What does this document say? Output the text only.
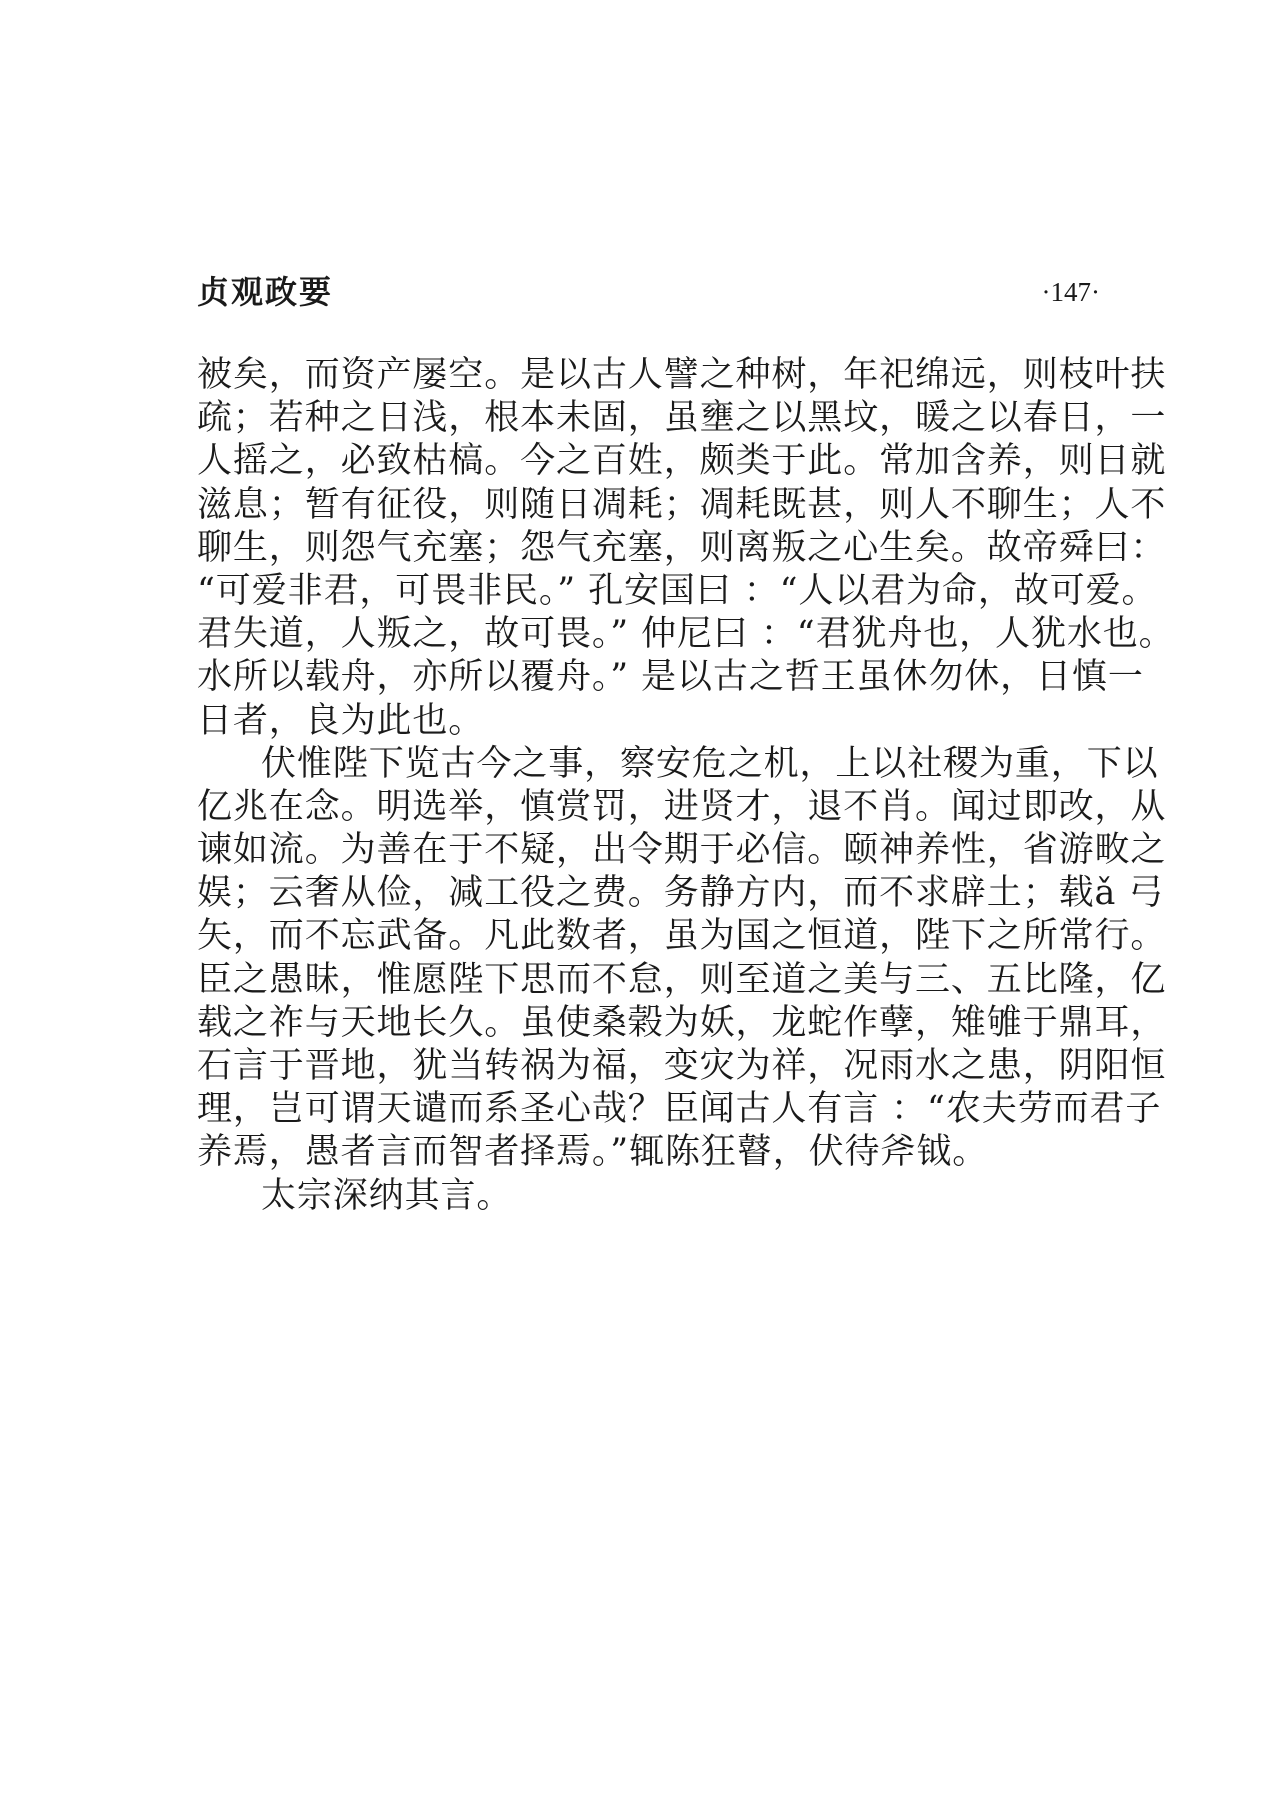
贞观政要	·147·
被矣，而资产屡空。是以古人譬之种树，年祀绵远，则枝叶扶
疏；若种之日浅，根本未固，虽壅之以黑坟，暖之以春日，一
人摇之，必致枯槁。今之百姓，颇类于此。常加含养，则日就
滋息；暂有征役，则随日凋耗；凋耗既甚，则人不聊生；人不
聊生，则怨气充塞；怨气充塞，则离叛之心生矣。故帝舜曰：
“可爱非君，可畏非民。” 孔安国曰 ：“人以君为命，故可爱。
君失道，人叛之，故可畏。” 仲尼曰 ：“君犹舟也，人犹水也。
水所以载舟，亦所以覆舟。” 是以古之哲王虽休勿休，日慎一
日者，良为此也。
伏惟陛下览古今之事，察安危之机，上以社稷为重，下以
亿兆在念。明选举，慎赏罚，进贤才，退不肖。闻过即改，从
谏如流。为善在于不疑，出令期于必信。颐神养性，省游畋之
娱；云奢从俭，减工役之费。务静方内，而不求辟土；载ǎ 弓
矢，而不忘武备。凡此数者，虽为国之恒道，陛下之所常行。
臣之愚昧，惟愿陛下思而不怠，则至道之美与三、五比隆，亿
载之祚与天地长久。虽使桑榖为妖，龙蛇作孽，雉雊于鼎耳，
石言于晋地，犹当转祸为福，变灾为祥，况雨水之患，阴阳恒
理，岂可谓天谴而系圣心哉？臣闻古人有言 ：“农夫劳而君子
养焉，愚者言而智者择焉。”辄陈狂瞽，伏待斧钺。
太宗深纳其言。
